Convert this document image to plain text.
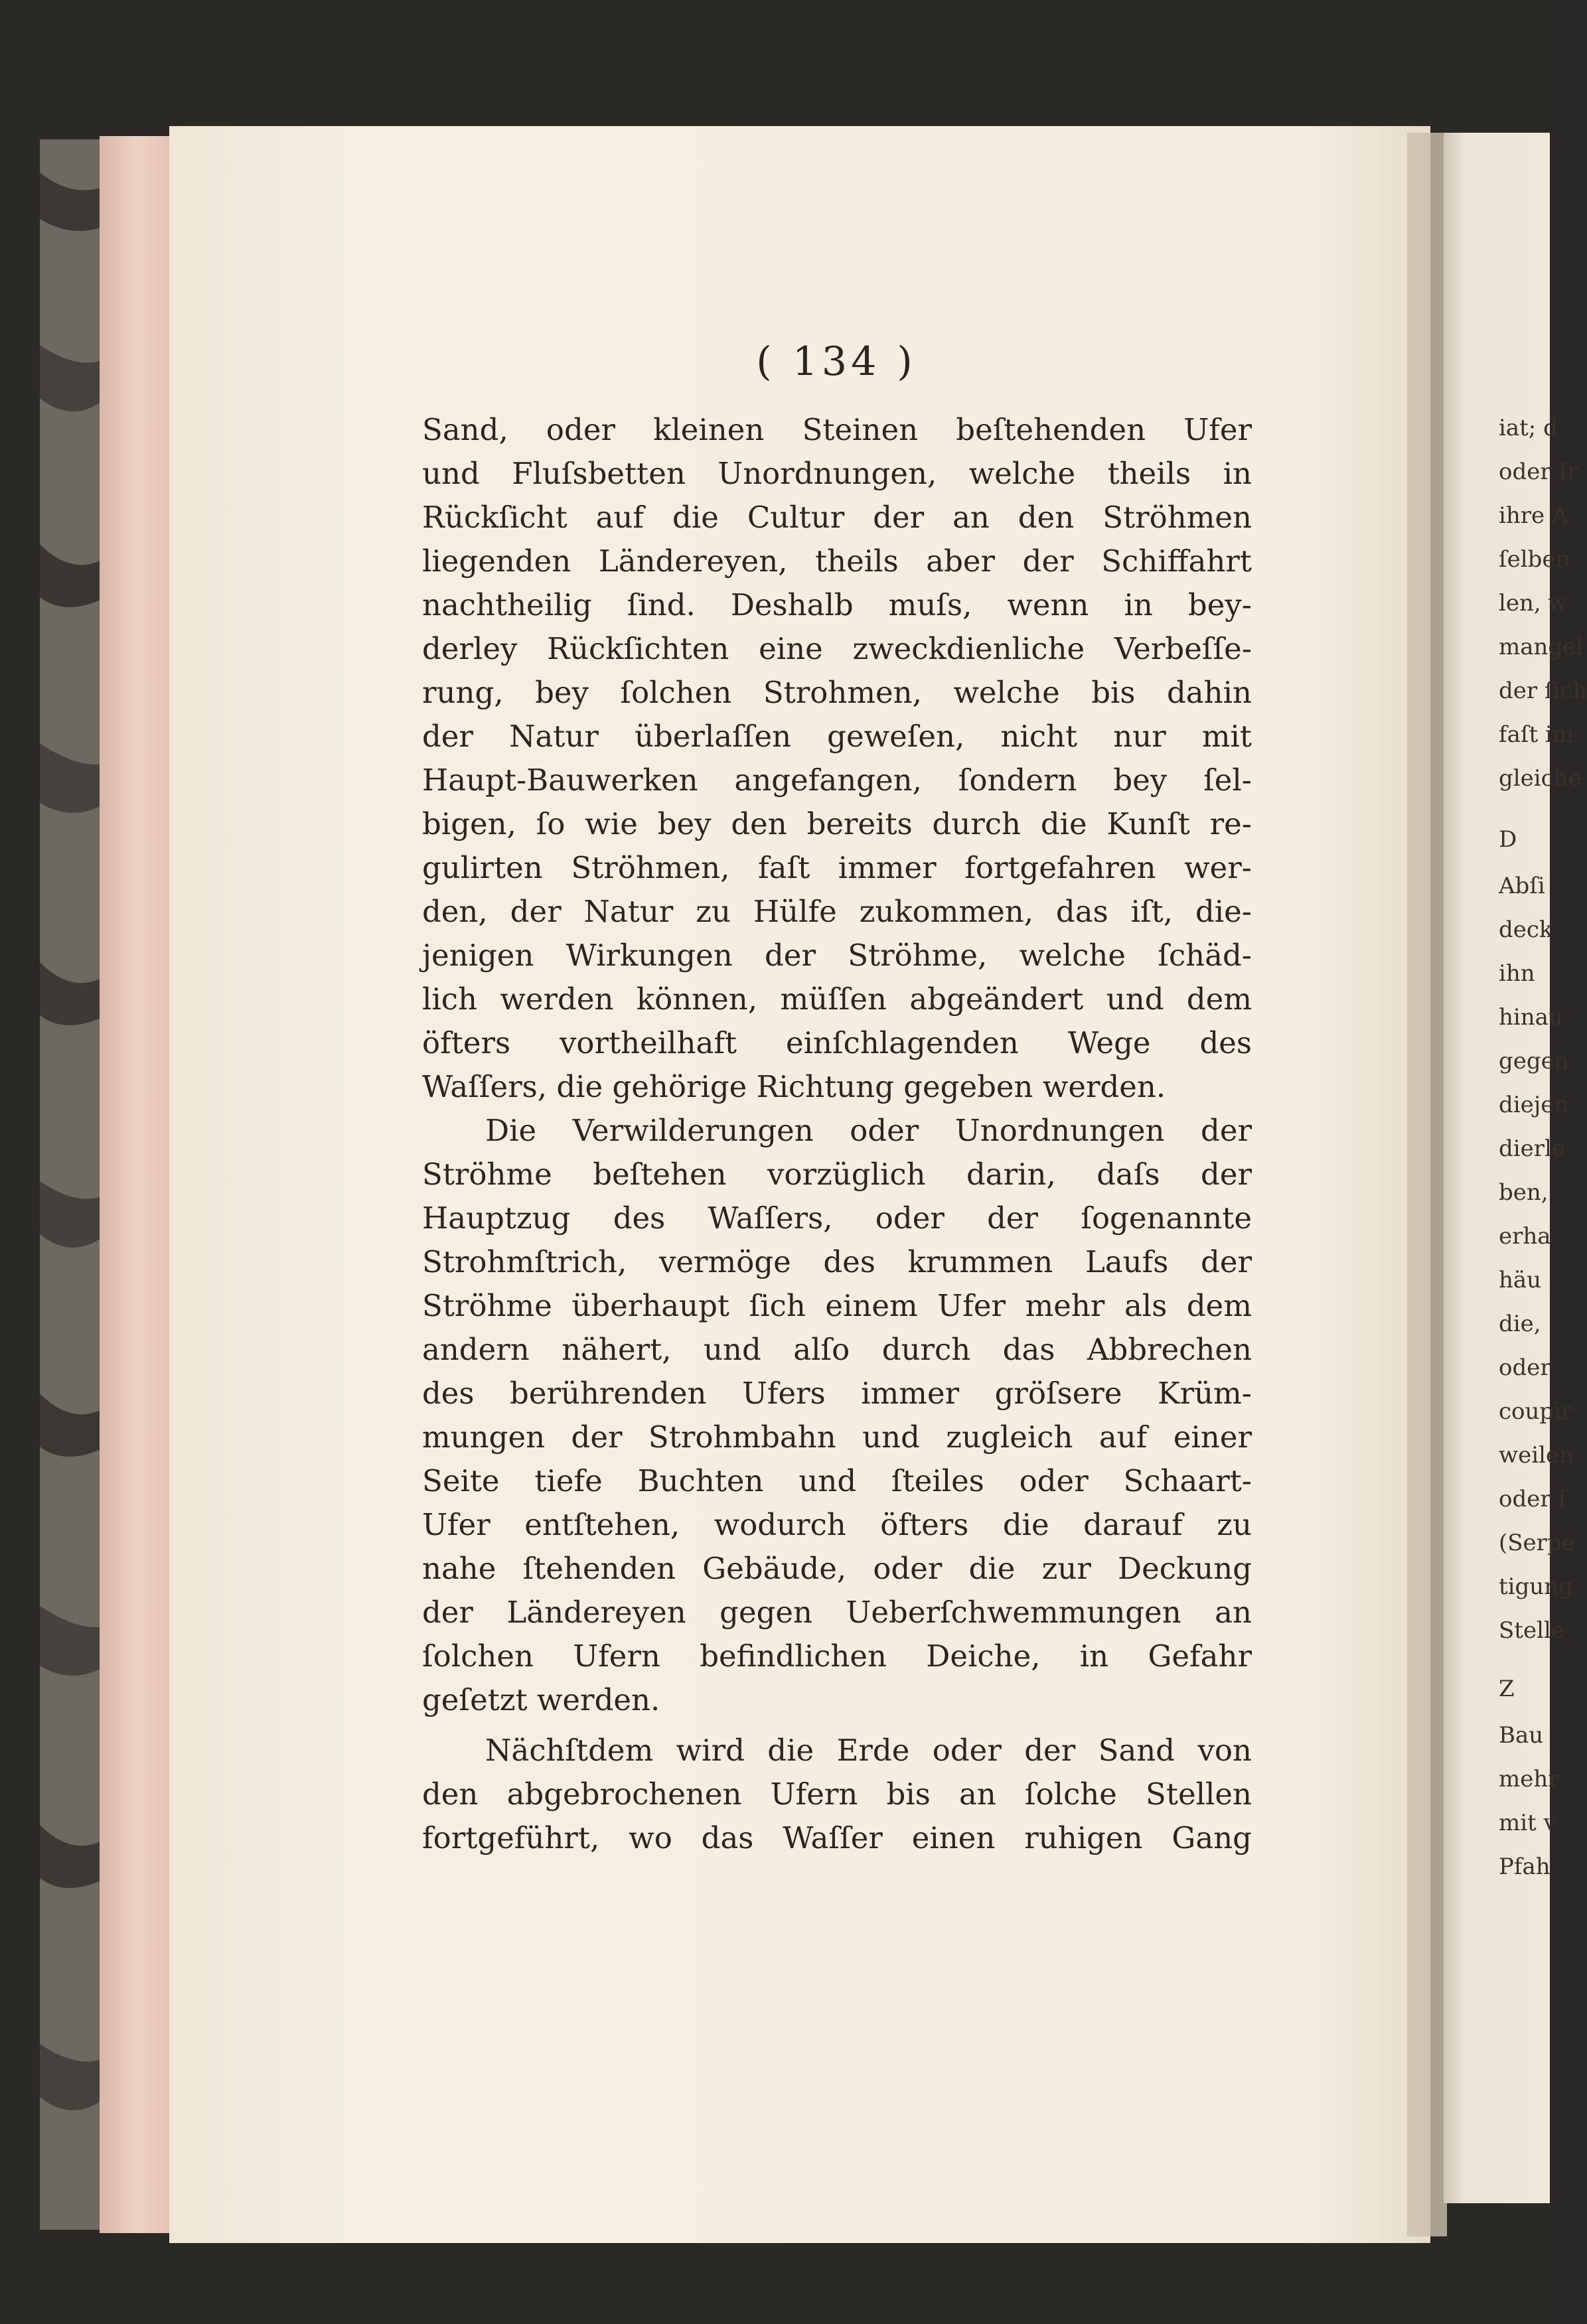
( 134 )
Sand, oder kleinen Steinen beſtehenden Ufer
und Fluſsbetten Unordnungen, welche theils in
Rückſicht auf die Cultur der an den Ströhmen
liegenden Ländereyen, theils aber der Schiffahrt
nachtheilig ſind. Deshalb muſs, wenn in bey-
derley Rückſichten eine zweckdienliche Verbeſſe-
rung, bey ſolchen Strohmen, welche bis dahin
der Natur überlaſſen geweſen, nicht nur mit
Haupt-Bauwerken angefangen, ſondern bey ſel-
bigen, ſo wie bey den bereits durch die Kunſt re-
gulirten Ströhmen, faſt immer fortgefahren wer-
den, der Natur zu Hülfe zukommen, das iſt, die-
jenigen Wirkungen der Ströhme, welche ſchäd-
lich werden können, müſſen abgeändert und dem
öfters vortheilhaft einſchlagenden Wege des
Waſſers, die gehörige Richtung gegeben werden.
Die Verwilderungen oder Unordnungen der
Ströhme beſtehen vorzüglich darin, daſs der
Hauptzug des Waſſers, oder der ſogenannte
Strohmſtrich, vermöge des krummen Laufs der
Ströhme überhaupt ſich einem Ufer mehr als dem
andern nähert, und alſo durch das Abbrechen
des berührenden Ufers immer gröſsere Krüm-
mungen der Strohmbahn und zugleich auf einer
Seite tiefe Buchten und ſteiles oder Schaart-
Ufer entſtehen, wodurch öfters die darauf zu
nahe ſtehenden Gebäude, oder die zur Deckung
der Ländereyen gegen Ueberſchwemmungen an
ſolchen Ufern befindlichen Deiche, in Gefahr
geſetzt werden.
Nächſtdem wird die Erde oder der Sand von
den abgebrochenen Ufern bis an ſolche Stellen
fortgeführt, wo das Waſſer einen ruhigen Gang
iat; d
oder Ir
ihre A
ſelben
len, w
mangel
der ſich
faſt im
gleiche
D
Abſi
deck
ihn
hinau
gegen
diejen
dierle
ben,
erha
häu
die,
oder
coupir
weilen
oder ſ
(Serpe
tigung
Stelle
Z
Bau
mehr
mit v
Pfah
